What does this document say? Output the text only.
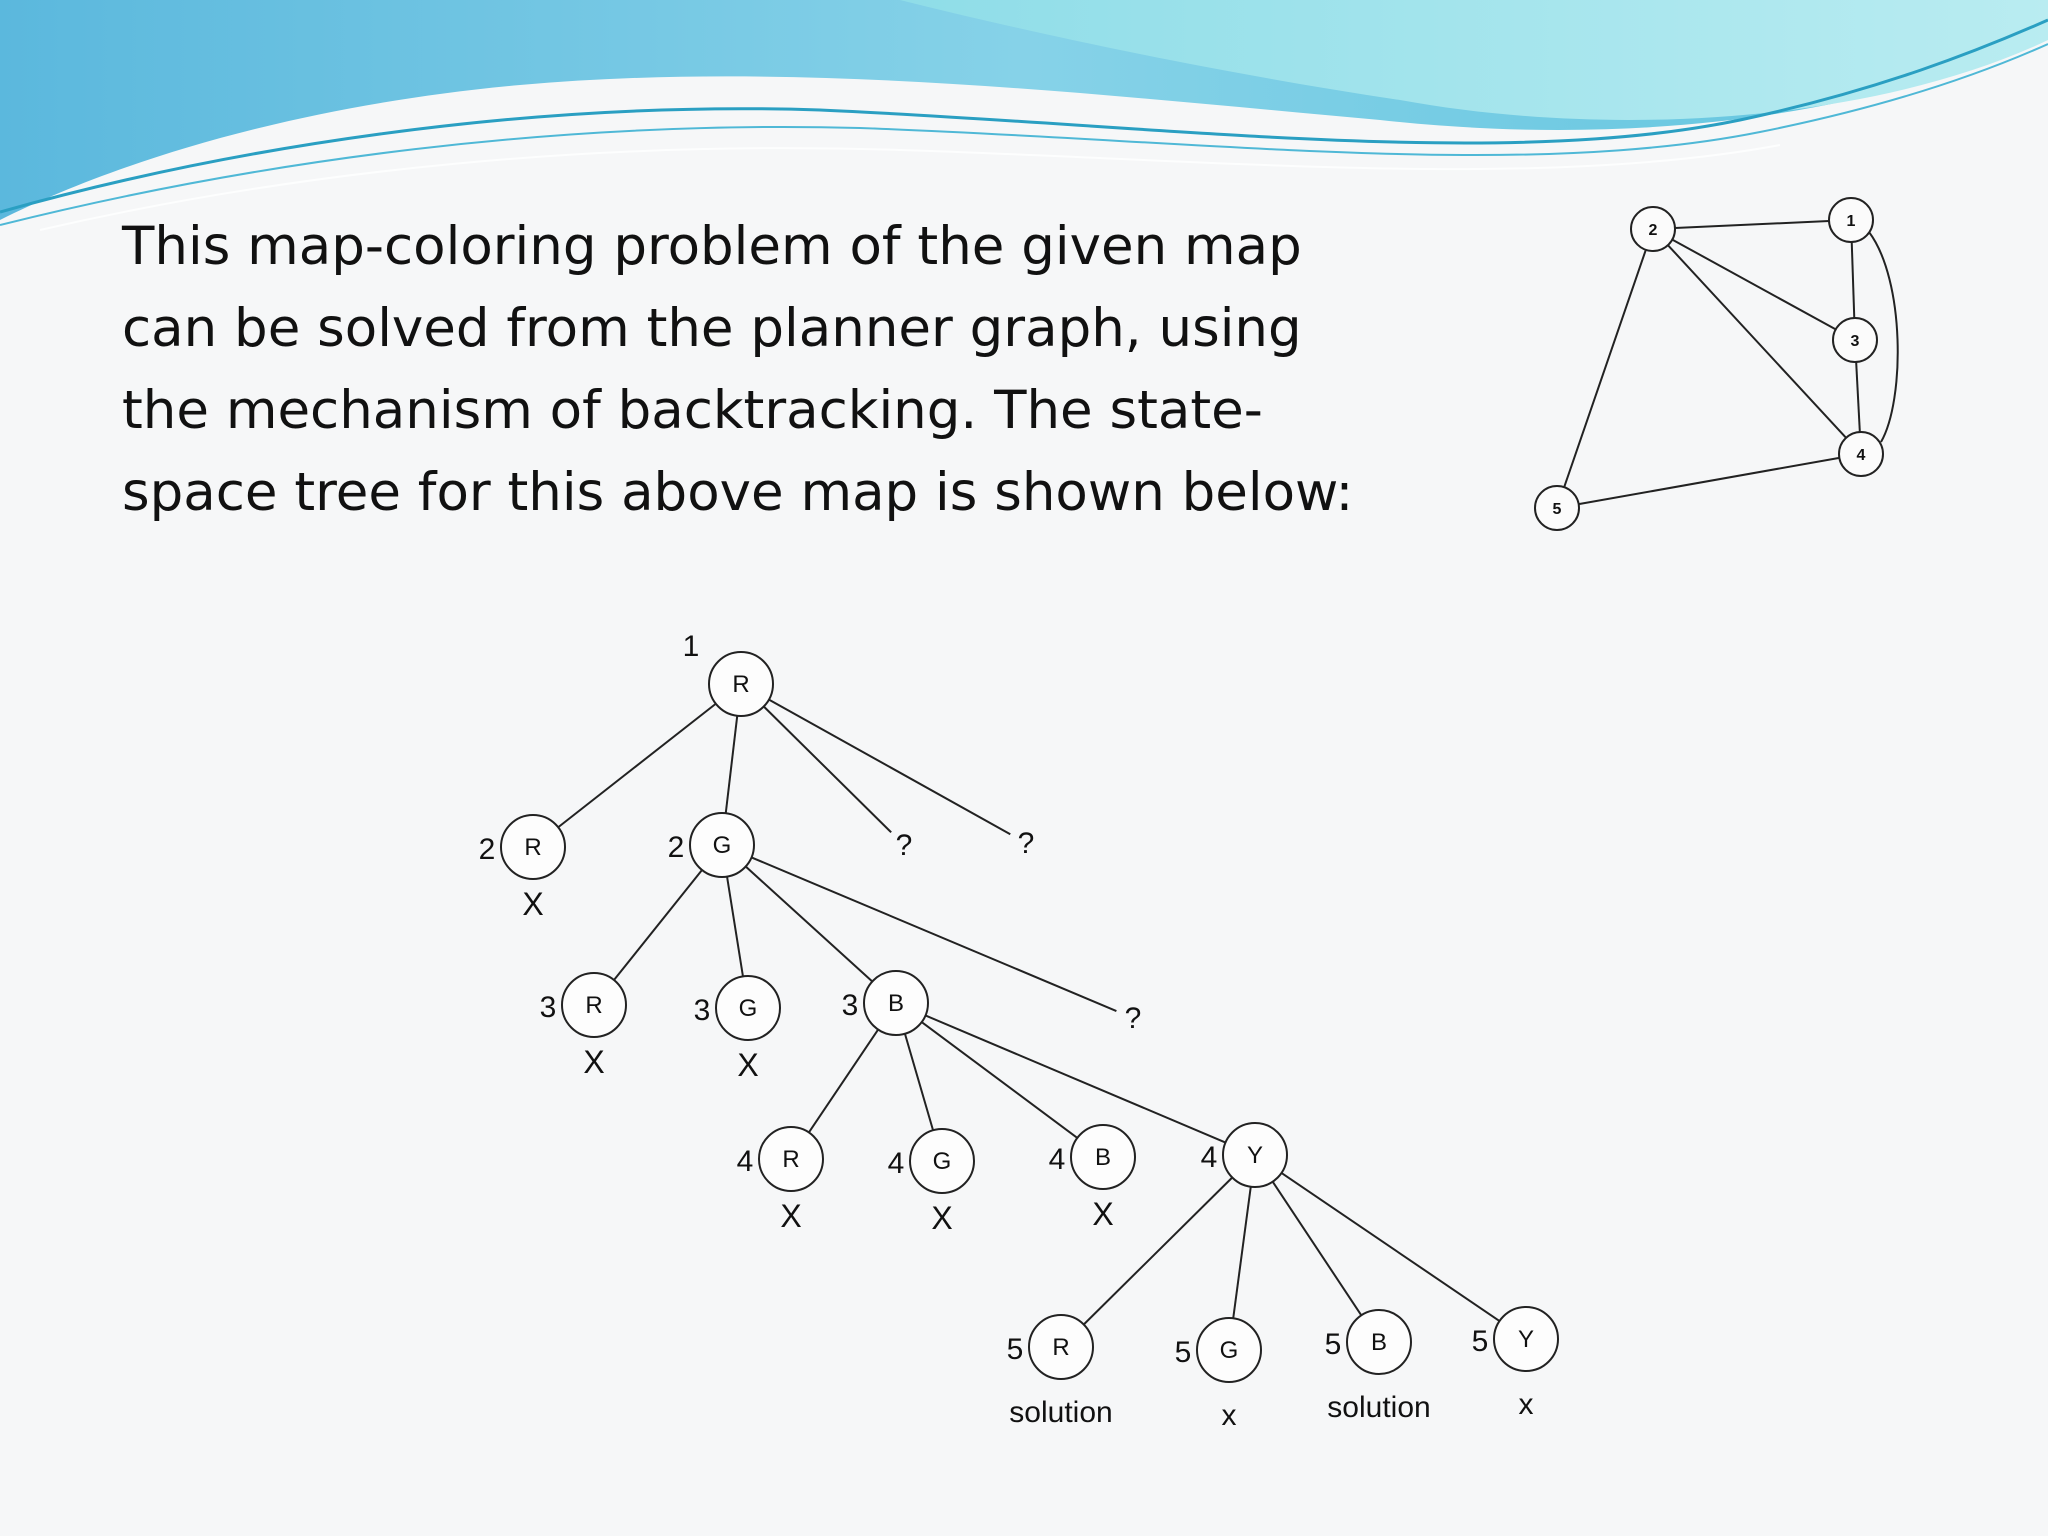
This map-coloring problem of the given map
can be solved from the planner graph, using
the mechanism of backtracking. The state-
space tree for this above map is shown below:
2
1
3
4
5
R
1
R
2
X
G
2
R
3
X
G
3
X
B
3
R
4
X
G
4
X
B
4
X
Y
4
R
5
solution
G
5
x
B
5
solution
Y
5
x
?	?
?
